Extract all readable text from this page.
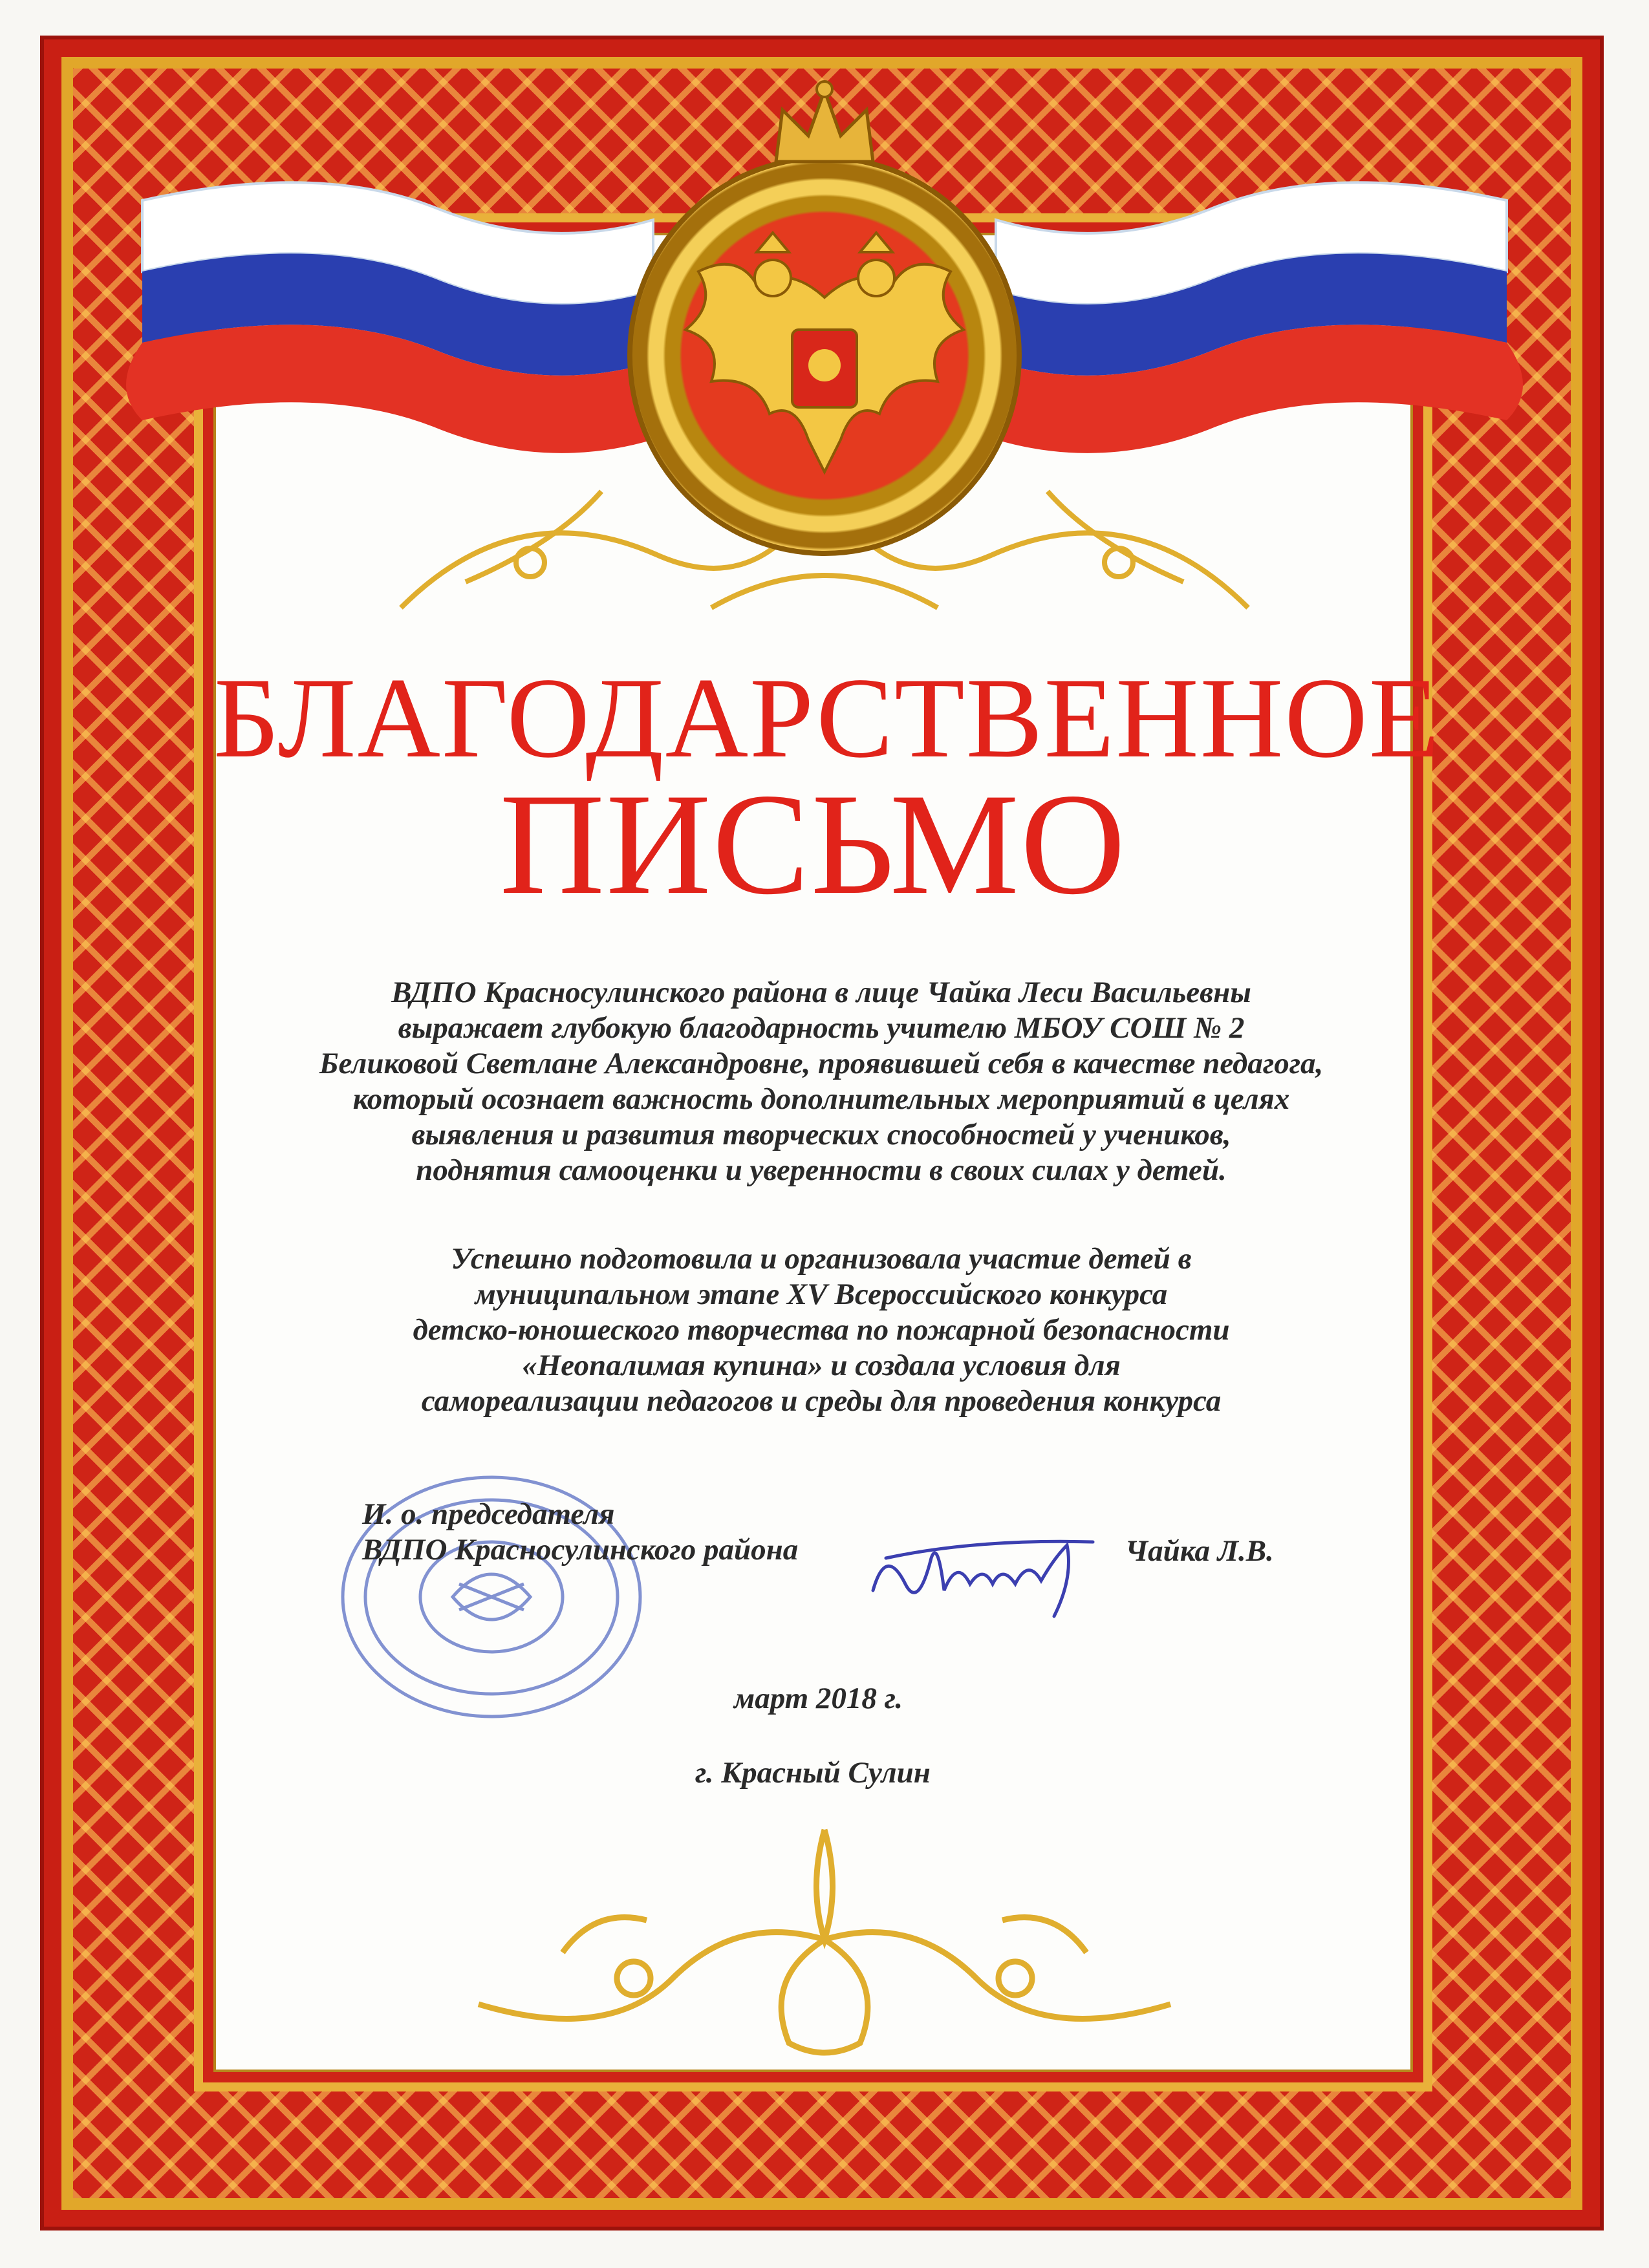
БЛАГОДАРСТВЕННОЕ
ПИСЬМО
ВДПО Красносулинского района в лице Чайка Леси Васильевны
выражает глубокую благодарность учителю МБОУ СОШ № 2
Беликовой Светлане Александровне, проявившей себя в качестве педагога,
который осознает важность дополнительных мероприятий в целях
выявления и развития творческих способностей у учеников,
поднятия самооценки и уверенности в своих силах у детей.
Успешно подготовила и организовала участие детей в
муниципальном этапе XV Всероссийского конкурса
детско-юношеского творчества по пожарной безопасности
«Неопалимая купина» и создала условия для
самореализации педагогов и среды для проведения конкурса
И. о. председателя
ВДПО Красносулинского района	Чайка Л.В.
март 2018 г.
г. Красный Сулин
